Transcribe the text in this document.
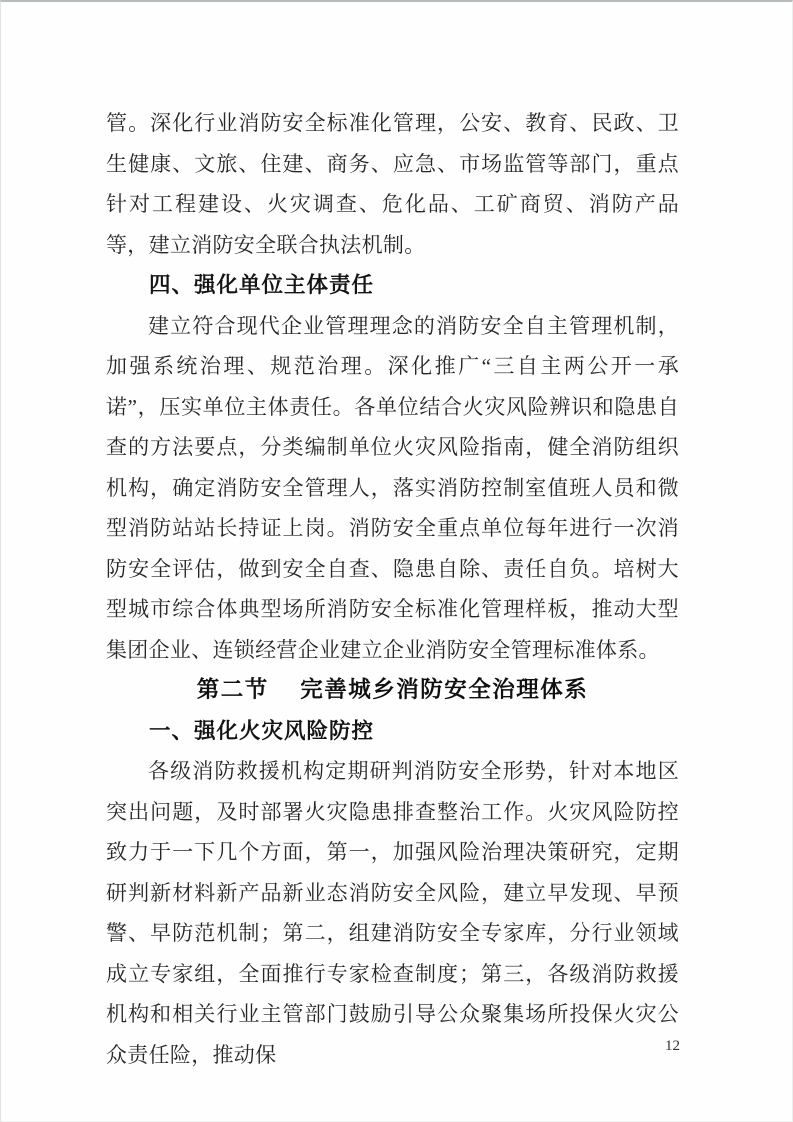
管。深化行业消防安全标准化管理，公安、教育、民政、卫生健康、文旅、住建、商务、应急、市场监管等部门，重点针对工程建设、火灾调查、危化品、工矿商贸、消防产品等，建立消防安全联合执法机制。

四、强化单位主体责任

建立符合现代企业管理理念的消防安全自主管理机制，加强系统治理、规范治理。深化推广“三自主两公开一承诺”，压实单位主体责任。各单位结合火灾风险辨识和隐患自查的方法要点，分类编制单位火灾风险指南，健全消防组织机构，确定消防安全管理人，落实消防控制室值班人员和微型消防站站长持证上岗。消防安全重点单位每年进行一次消防安全评估，做到安全自查、隐患自除、责任自负。培树大型城市综合体典型场所消防安全标准化管理样板，推动大型集团企业、连锁经营企业建立企业消防安全管理标准体系。

第二节 完善城乡消防安全治理体系
一、强化火灾风险防控

各级消防救援机构定期研判消防安全形势，针对本地区突出问题，及时部署火灾隐患排查整治工作。火灾风险防控致力于一下几个方面，第一，加强风险治理决策研究，定期研判新材料新产品新业态消防安全风险，建立早发现、早预警、早防范机制；第二，组建消防安全专家库，分行业领域成立专家组，全面推行专家检查制度；第三，各级消防救援机构和相关行业主管部门鼓励引导公众聚集场所投保火灾公众责任险，推动保	12
